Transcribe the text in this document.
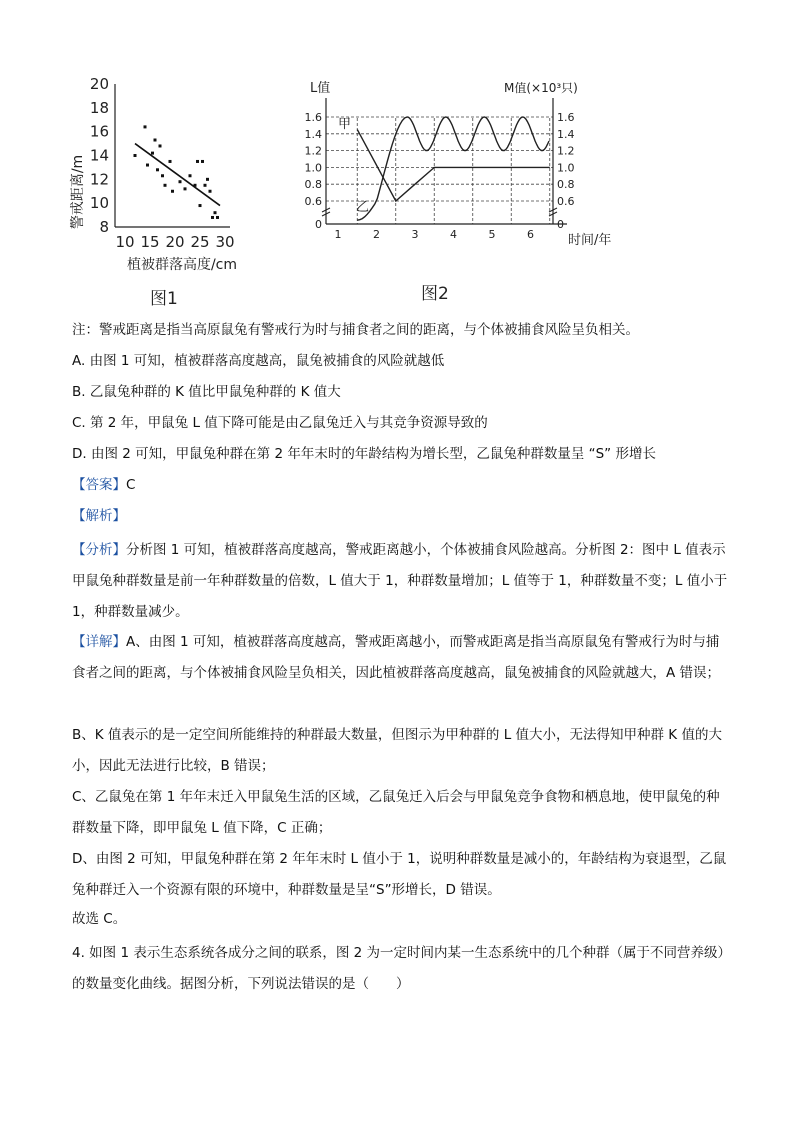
8
10
12
14
16
18
20
10 15 20 25 30
警戒距离/m
植被群落高度/cm
图1
0	0
0.6	0.6
0.8	0.8
1.0	1.0
1.2	1.2
1.4	1.4
1.6	1.6
1	2	3	4	5	6
甲
乙
L值	M值(×10³只)
时间/年
图2
注：警戒距离是指当高原鼠兔有警戒行为时与捕食者之间的距离，与个体被捕食风险呈负相关。
A. 由图 1 可知，植被群落高度越高，鼠兔被捕食的风险就越低
B. 乙鼠兔种群的 K 值比甲鼠兔种群的 K 值大
C. 第 2 年，甲鼠兔 L 值下降可能是由乙鼠兔迁入与其竞争资源导致的
D. 由图 2 可知，甲鼠兔种群在第 2 年年末时的年龄结构为增长型，乙鼠兔种群数量呈 “S” 形增长
【答案】C
【解析】
【分析】分析图 1 可知，植被群落高度越高，警戒距离越小，个体被捕食风险越高。分析图 2：图中 L 值表示甲鼠兔种群数量是前一年种群数量的倍数，L 值大于 1，种群数量增加；L 值等于 1，种群数量不变；L 值小于 1，种群数量减少。
【详解】A、由图 1 可知，植被群落高度越高，警戒距离越小，而警戒距离是指当高原鼠兔有警戒行为时与捕食者之间的距离，与个体被捕食风险呈负相关，因此植被群落高度越高，鼠兔被捕食的风险就越大，A 错误；
B、K 值表示的是一定空间所能维持的种群最大数量，但图示为甲种群的 L 值大小，无法得知甲种群 K 值的大小，因此无法进行比较，B 错误；
C、乙鼠兔在第 1 年年末迁入甲鼠兔生活的区域，乙鼠兔迁入后会与甲鼠兔竞争食物和栖息地，使甲鼠兔的种群数量下降，即甲鼠兔 L 值下降，C 正确；
D、由图 2 可知，甲鼠兔种群在第 2 年年末时 L 值小于 1，说明种群数量是减小的，年龄结构为衰退型，乙鼠兔种群迁入一个资源有限的环境中，种群数量是呈“S”形增长，D 错误。
故选 C。
4. 如图 1 表示生态系统各成分之间的联系，图 2 为一定时间内某一生态系统中的几个种群（属于不同营养级）的数量变化曲线。据图分析，下列说法错误的是（　　）
